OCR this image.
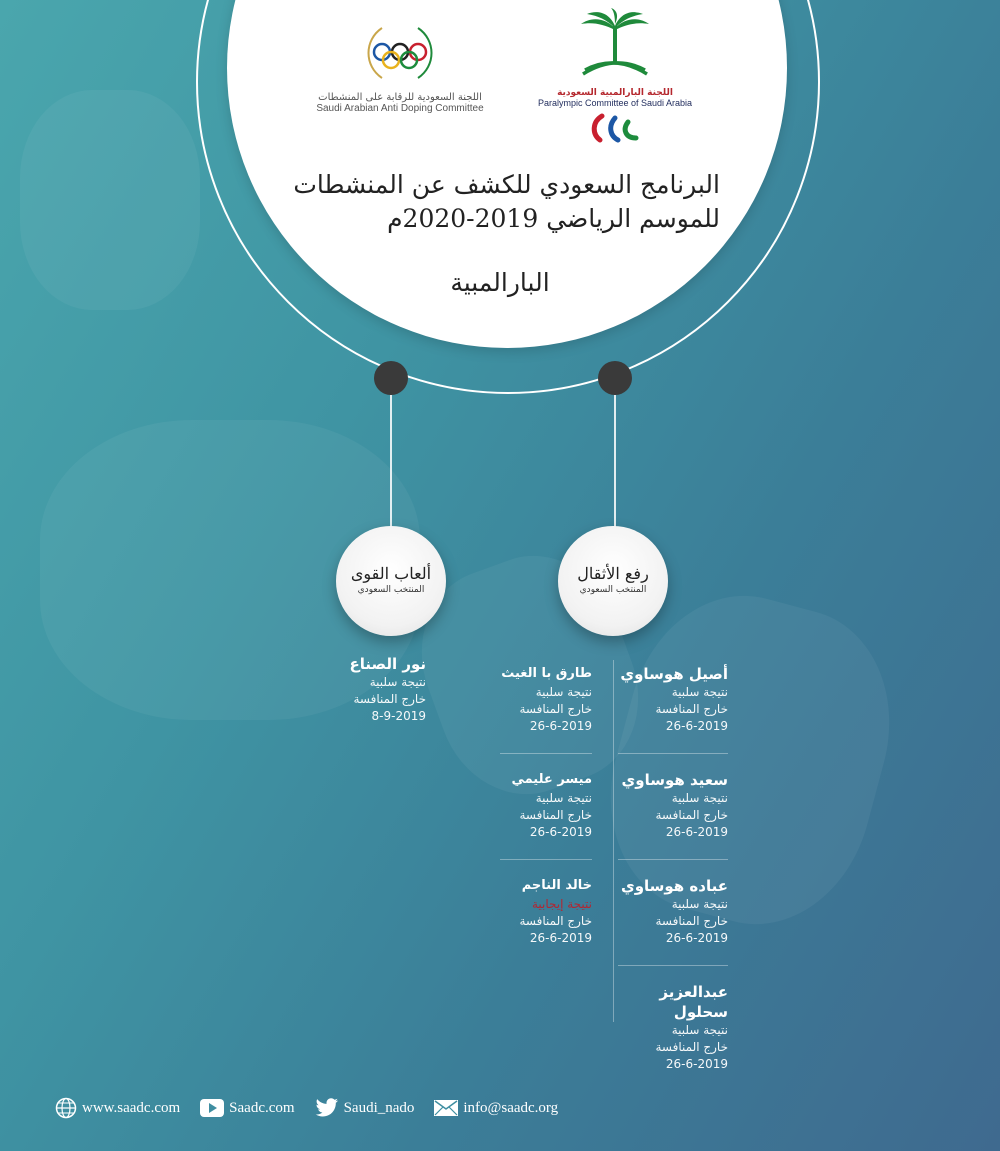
اللجنة البارالمبية السعودية
Paralympic Committee of Saudi Arabia
اللجنة السعودية للرقابة على المنشطات
Saudi Arabian Anti Doping Committee
البرنامج السعودي للكشف عن المنشطات
للموسم الرياضي 2019-2020م
البارالمبية
رفع الأثقال
المنتخب السعودي
ألعاب القوى
المنتخب السعودي
أصيل هوساوي
نتيجة سلبية
خارج المنافسة
26-6-2019
سعيد هوساوي
نتيجة سلبية
خارج المنافسة
26-6-2019
عباده هوساوي
نتيجة سلبية
خارج المنافسة
26-6-2019
عبدالعزيز سحلول
نتيجة سلبية
خارج المنافسة
26-6-2019
طارق با الغيث
نتيجة سلبية
خارج المنافسة
26-6-2019
ميسر عليمي
نتيجة سلبية
خارج المنافسة
26-6-2019
خالد الناجم
نتيجة إيجابية
خارج المنافسة
26-6-2019
نور الصناع
نتيجة سلبية
خارج المنافسة
8-9-2019
www.saadc.com	Saadc.com	Saudi_nado	info@saadc.org
